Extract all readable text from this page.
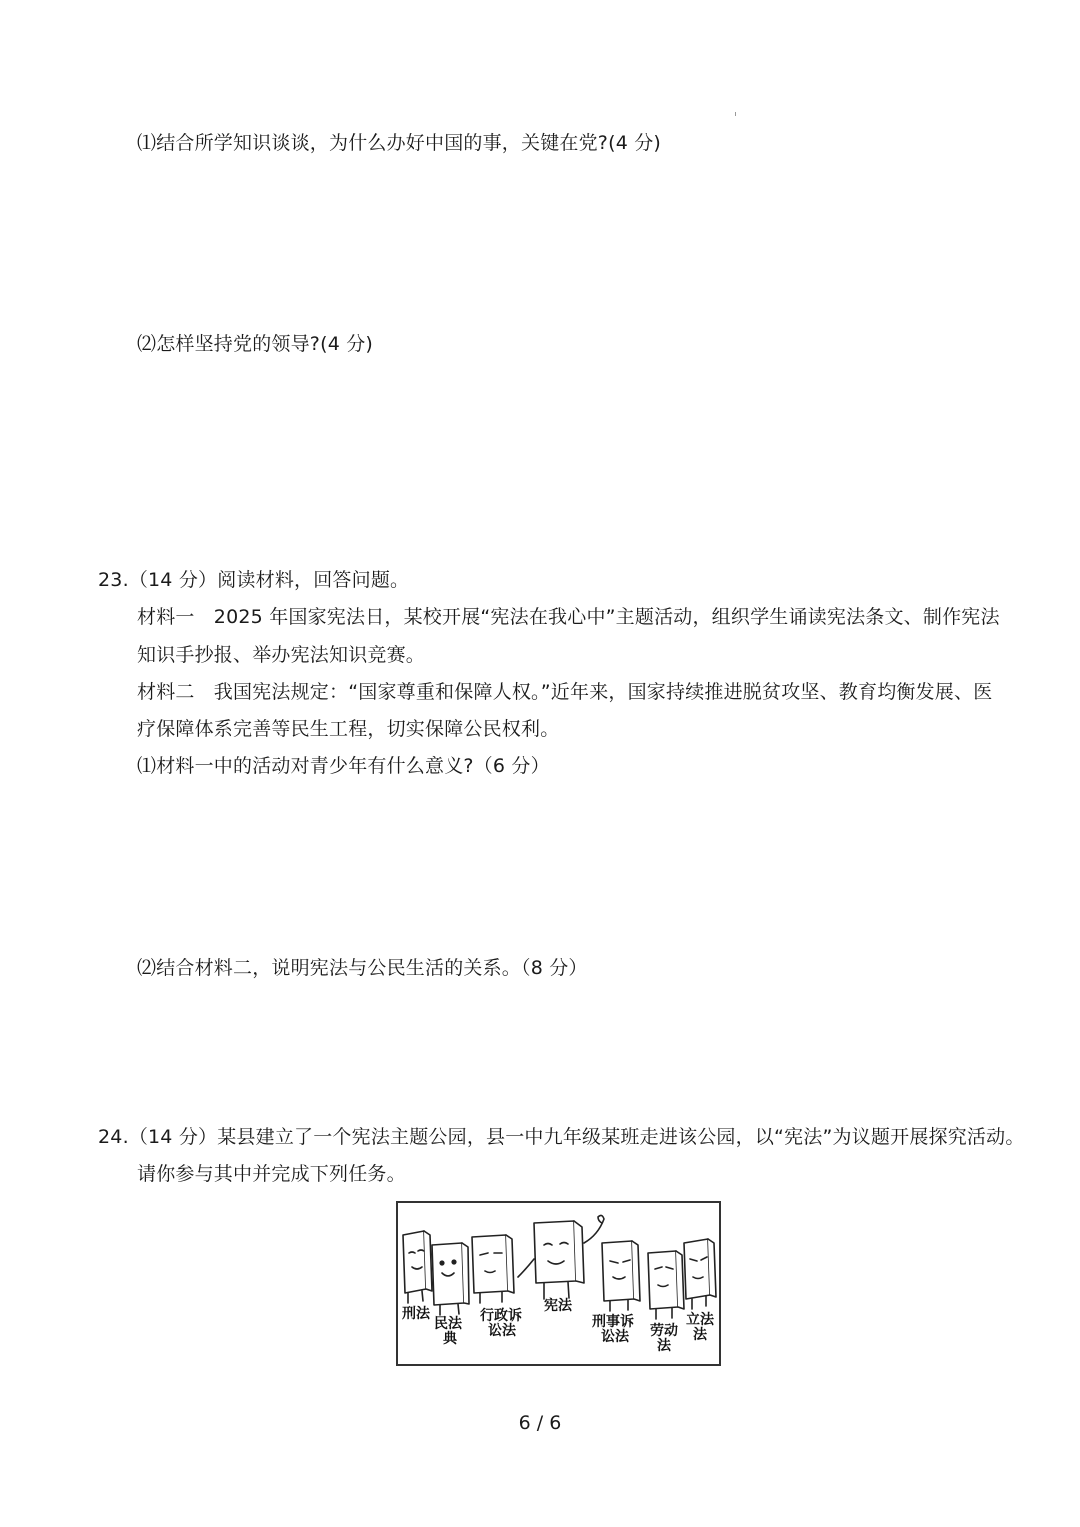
⑴结合所学知识谈谈，为什么办好中国的事，关键在党?(4 分)
⑵怎样坚持党的领导?(4 分)
23.（14 分）阅读材料，回答问题。
材料一　2025 年国家宪法日，某校开展“宪法在我心中”主题活动，组织学生诵读宪法条文、制作宪法
知识手抄报、举办宪法知识竞赛。
材料二　我国宪法规定：“国家尊重和保障人权。”近年来，国家持续推进脱贫攻坚、教育均衡发展、医
疗保障体系完善等民生工程，切实保障公民权利。
⑴材料一中的活动对青少年有什么意义?（6 分）
⑵结合材料二，说明宪法与公民生活的关系。（8 分）
24.（14 分）某县建立了一个宪法主题公园，县一中九年级某班走进该公园，以“宪法”为议题开展探究活动。
请你参与其中并完成下列任务。
刑法
民法
典
行政诉
讼法
宪法
刑事诉
讼法 劳动
法
立法
法
6 / 6
